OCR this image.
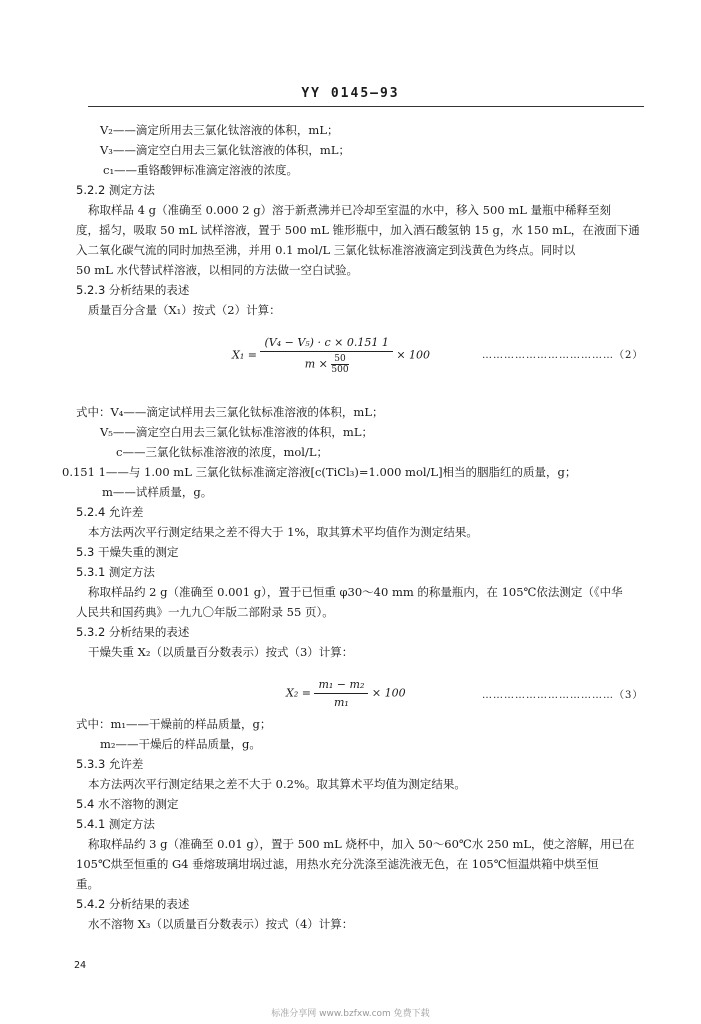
YY 0145—93
V₂——滴定所用去三氯化钛溶液的体积，mL；
V₃——滴定空白用去三氯化钛溶液的体积，mL；
c₁——重铬酸钾标准滴定溶液的浓度。
5.2.2 测定方法
称取样品 4 g（准确至 0.000 2 g）溶于新煮沸并已冷却至室温的水中，移入 500 mL 量瓶中稀释至刻
度，摇匀，吸取 50 mL 试样溶液，置于 500 mL 锥形瓶中，加入酒石酸氢钠 15 g，水 150 mL，在液面下通
入二氧化碳气流的同时加热至沸，并用 0.1 mol/L 三氯化钛标准溶液滴定到浅黄色为终点。同时以
50 mL 水代替试样溶液，以相同的方法做一空白试验。
5.2.3 分析结果的表述
质量百分含量（X₁）按式（2）计算：
$X_1 = \frac{\text{(V₄ − V₅) · c × 0.151 1}}{m \times \frac{50}{500}} \times 100$	………………………………（2）
式中：V₄——滴定试样用去三氯化钛标准溶液的体积，mL；
V₅——滴定空白用去三氯化钛标准溶液的体积，mL；
c——三氯化钛标准溶液的浓度，mol/L；
0.151 1——与 1.00 mL 三氯化钛标准滴定溶液[c(TiCl₃)=1.000 mol/L]相当的胭脂红的质量，g；
m——试样质量，g。
5.2.4 允许差
本方法两次平行测定结果之差不得大于 1%，取其算术平均值作为测定结果。
5.3 干燥失重的测定
5.3.1 测定方法
称取样品约 2 g（准确至 0.001 g），置于已恒重 φ30～40 mm 的称量瓶内，在 105℃依法测定（《中华
人民共和国药典》一九九〇年版二部附录 55 页）。
5.3.2 分析结果的表述
干燥失重 X₂（以质量百分数表示）按式（3）计算：
$X_2 = \frac{\text{m₁ − m₂}}{\text{m₁}} \times 100$	………………………………（3）
式中：m₁——干燥前的样品质量，g；
m₂——干燥后的样品质量，g。
5.3.3 允许差
本方法两次平行测定结果之差不大于 0.2%。取其算术平均值为测定结果。
5.4 水不溶物的测定
5.4.1 测定方法
称取样品约 3 g（准确至 0.01 g），置于 500 mL 烧杯中，加入 50～60℃水 250 mL，使之溶解，用已在
105℃烘至恒重的 G4 垂熔玻璃坩埚过滤，用热水充分洗涤至滤洗液无色，在 105℃恒温烘箱中烘至恒
重。
5.4.2 分析结果的表述
水不溶物 X₃（以质量百分数表示）按式（4）计算：
24
标准分享网 www.bzfxw.com 免费下载
